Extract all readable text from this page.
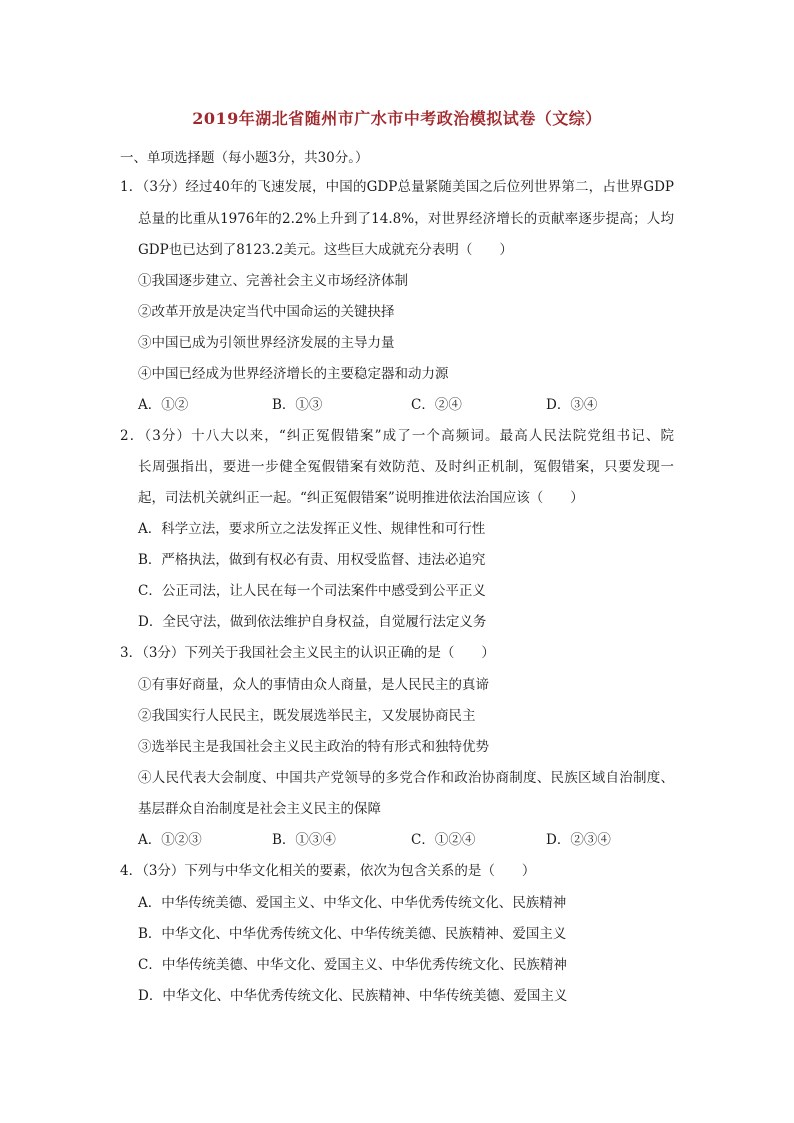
2019年湖北省随州市广水市中考政治模拟试卷（文综）
一、单项选择题（每小题3分，共30分。）
1．（3分）经过40年的飞速发展，中国的GDP总量紧随美国之后位列世界第二，占世界GDP
总量的比重从1976年的2.2%上升到了14.8%，对世界经济增长的贡献率逐步提高；人均
GDP也已达到了8123.2美元。这些巨大成就充分表明（　　）
①我国逐步建立、完善社会主义市场经济体制
②改革开放是决定当代中国命运的关键抉择
③中国已成为引领世界经济发展的主导力量
④中国已经成为世界经济增长的主要稳定器和动力源
A．①②	B．①③	C．②④	D．③④
2．（3分）十八大以来，“纠正冤假错案”成了一个高频词。最高人民法院党组书记、院
长周强指出，要进一步健全冤假错案有效防范、及时纠正机制，冤假错案，只要发现一
起，司法机关就纠正一起。“纠正冤假错案”说明推进依法治国应该（　　）
A．科学立法，要求所立之法发挥正义性、规律性和可行性
B．严格执法，做到有权必有责、用权受监督、违法必追究
C．公正司法，让人民在每一个司法案件中感受到公平正义
D．全民守法，做到依法维护自身权益，自觉履行法定义务
3．（3分）下列关于我国社会主义民主的认识正确的是（　　）
①有事好商量，众人的事情由众人商量，是人民民主的真谛
②我国实行人民民主，既发展选举民主，又发展协商民主
③选举民主是我国社会主义民主政治的特有形式和独特优势
④人民代表大会制度、中国共产党领导的多党合作和政治协商制度、民族区域自治制度、
基层群众自治制度是社会主义民主的保障
A．①②③	B．①③④	C．①②④	D．②③④
4．（3分）下列与中华文化相关的要素，依次为包含关系的是（　　）
A．中华传统美德、爱国主义、中华文化、中华优秀传统文化、民族精神
B．中华文化、中华优秀传统文化、中华传统美德、民族精神、爱国主义
C．中华传统美德、中华文化、爱国主义、中华优秀传统文化、民族精神
D．中华文化、中华优秀传统文化、民族精神、中华传统美德、爱国主义
